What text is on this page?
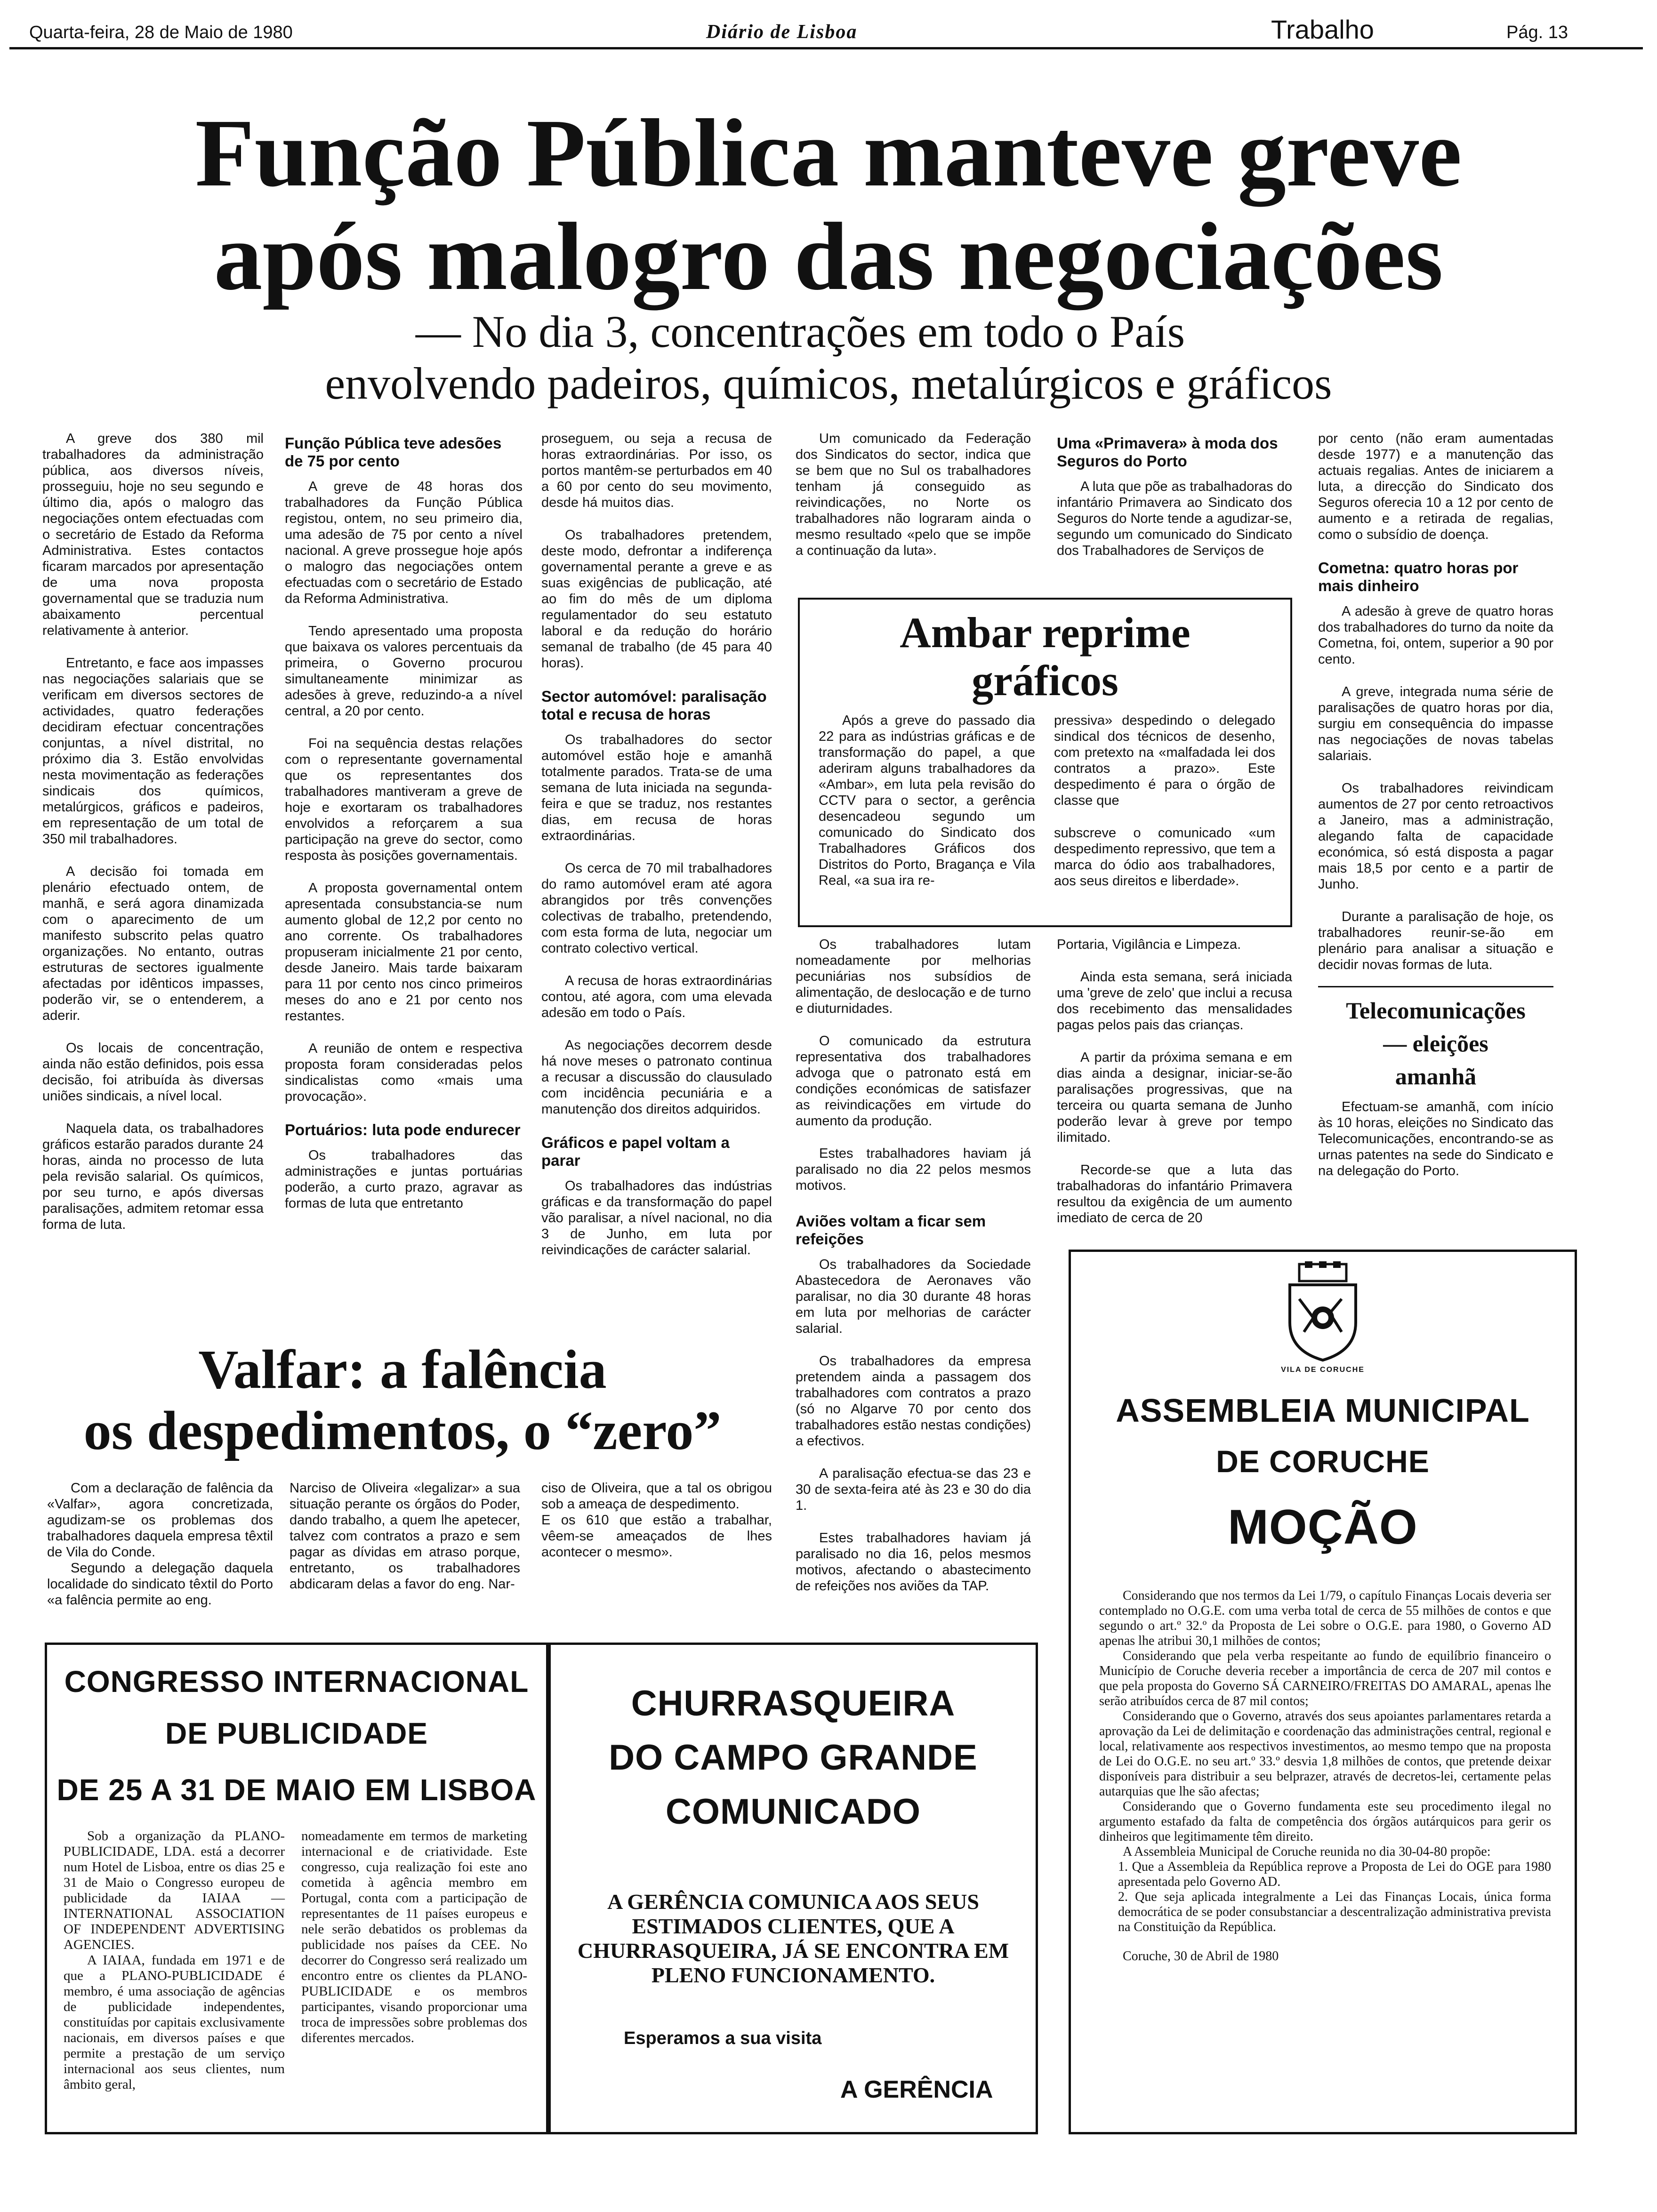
Quarta-feira, 28 de Maio de 1980	Diário de Lisboa	Trabalho	Pág. 13
Função Pública manteve greve
após malogro das negociações
— No dia 3, concentrações em todo o País
envolvendo padeiros, químicos, metalúrgicos e gráficos

A greve dos 380 mil trabalhadores da administração pública, aos diversos níveis, prosseguiu, hoje no seu segundo e último dia, após o malogro das negociações ontem efectuadas com o secretário de Estado da Reforma Administrativa. Estes contactos ficaram marcados por apresentação de uma nova proposta governamental que se traduzia num abaixamento percentual relativamente à anterior.

Entretanto, e face aos impasses nas negociações salariais que se verificam em diversos sectores de actividades, quatro federações decidiram efectuar concentrações conjuntas, a nível distrital, no próximo dia 3. Estão envolvidas nesta movimentação as federações sindicais dos químicos, metalúrgicos, gráficos e padeiros, em representação de um total de 350 mil trabalhadores.

A decisão foi tomada em plenário efectuado ontem, de manhã, e será agora dinamizada com o aparecimento de um manifesto subscrito pelas quatro organizações. No entanto, outras estruturas de sectores igualmente afectadas por idênticos impasses, poderão vir, se o entenderem, a aderir.

Os locais de concentração, ainda não estão definidos, pois essa decisão, foi atribuída às diversas uniões sindicais, a nível local.

Naquela data, os trabalhadores gráficos estarão parados durante 24 horas, ainda no processo de luta pela revisão salarial. Os químicos, por seu turno, e após diversas paralisações, admitem retomar essa forma de luta.

Função Pública teve adesões de 75 por cento

A greve de 48 horas dos trabalhadores da Função Pública registou, ontem, no seu primeiro dia, uma adesão de 75 por cento a nível nacional. A greve prossegue hoje após o malogro das negociações ontem efectuadas com o secretário de Estado da Reforma Administrativa.

Tendo apresentado uma proposta que baixava os valores percentuais da primeira, o Governo procurou simultaneamente minimizar as adesões à greve, reduzindo-a a nível central, a 20 por cento.

Foi na sequência destas relações com o representante governamental que os representantes dos trabalhadores mantiveram a greve de hoje e exortaram os trabalhadores envolvidos a reforçarem a sua participação na greve do sector, como resposta às posições governamentais.

A proposta governamental ontem apresentada consubstancia-se num aumento global de 12,2 por cento no ano corrente. Os trabalhadores propuseram inicialmente 21 por cento, desde Janeiro. Mais tarde baixaram para 11 por cento nos cinco primeiros meses do ano e 21 por cento nos restantes.

A reunião de ontem e respectiva proposta foram consideradas pelos sindicalistas como «mais uma provocação».

Portuários: luta pode endurecer

Os trabalhadores das administrações e juntas portuárias poderão, a curto prazo, agravar as formas de luta que entretanto

proseguem, ou seja a recusa de horas extraordinárias. Por isso, os portos mantêm-se perturbados em 40 a 60 por cento do seu movimento, desde há muitos dias.

Os trabalhadores pretendem, deste modo, defrontar a indiferença governamental perante a greve e as suas exigências de publicação, até ao fim do mês de um diploma regulamentador do seu estatuto laboral e da redução do horário semanal de trabalho (de 45 para 40 horas).

Sector automóvel: paralisação total e recusa de horas

Os trabalhadores do sector automóvel estão hoje e amanhã totalmente parados. Trata-se de uma semana de luta iniciada na segunda-feira e que se traduz, nos restantes dias, em recusa de horas extraordinárias.

Os cerca de 70 mil trabalhadores do ramo automóvel eram até agora abrangidos por três convenções colectivas de trabalho, pretendendo, com esta forma de luta, negociar um contrato colectivo vertical.

A recusa de horas extraordinárias contou, até agora, com uma elevada adesão em todo o País.

As negociações decorrem desde há nove meses o patronato continua a recusar a discussão do clausulado com incidência pecuniária e a manutenção dos direitos adquiridos.

Gráficos e papel voltam a parar

Os trabalhadores das indústrias gráficas e da transformação do papel vão paralisar, a nível nacional, no dia 3 de Junho, em luta por reivindicações de carácter salarial.

Um comunicado da Federação dos Sindicatos do sector, indica que se bem que no Sul os trabalhadores tenham já conseguido as reivindicações, no Norte os trabalhadores não lograram ainda o mesmo resultado «pelo que se impõe a continuação da luta».

Uma «Primavera» à moda dos Seguros do Porto

A luta que põe as trabalhadoras do infantário Primavera ao Sindicato dos Seguros do Norte tende a agudizar-se, segundo um comunicado do Sindicato dos Trabalhadores de Serviços de

Ambar reprime
gráficos

Após a greve do passado dia 22 para as indústrias gráficas e de transformação do papel, a que aderiram alguns trabalhadores da «Ambar», em luta pela revisão do CCTV para o sector, a gerência desencadeou segundo um comunicado do Sindicato dos Trabalhadores Gráficos dos Distritos do Porto, Bragança e Vila Real, «a sua ira re-

pressiva» despedindo o delegado sindical dos técnicos de desenho, com pretexto na «malfadada lei dos contratos a prazo». Este despedimento é para o órgão de classe que

subscreve o comunicado «um despedimento repressivo, que tem a marca do ódio aos trabalhadores, aos seus direitos e liberdade».

Os trabalhadores lutam nomeadamente por melhorias pecuniárias nos subsídios de alimentação, de deslocação e de turno e diuturnidades.

O comunicado da estrutura representativa dos trabalhadores advoga que o patronato está em condições económicas de satisfazer as reivindicações em virtude do aumento da produção.

Estes trabalhadores haviam já paralisado no dia 22 pelos mesmos motivos.

Aviões voltam a ficar sem refeições

Os trabalhadores da Sociedade Abastecedora de Aeronaves vão paralisar, no dia 30 durante 48 horas em luta por melhorias de carácter salarial.

Os trabalhadores da empresa pretendem ainda a passagem dos trabalhadores com contratos a prazo (só no Algarve 70 por cento dos trabalhadores estão nestas condições) a efectivos.

A paralisação efectua-se das 23 e 30 de sexta-feira até às 23 e 30 do dia 1.

Estes trabalhadores haviam já paralisado no dia 16, pelos mesmos motivos, afectando o abastecimento de refeições nos aviões da TAP.

Portaria, Vigilância e Limpeza.

Ainda esta semana, será iniciada uma 'greve de zelo' que inclui a recusa dos recebimento das mensalidades pagas pelos pais das crianças.

A partir da próxima semana e em dias ainda a designar, iniciar-se-ão paralisações progressivas, que na terceira ou quarta semana de Junho poderão levar à greve por tempo ilimitado.

Recorde-se que a luta das trabalhadoras do infantário Primavera resultou da exigência de um aumento imediato de cerca de 20

por cento (não eram aumentadas desde 1977) e a manutenção das actuais regalias. Antes de iniciarem a luta, a direcção do Sindicato dos Seguros oferecia 10 a 12 por cento de aumento e a retirada de regalias, como o subsídio de doença.

Cometna: quatro horas por mais dinheiro

A adesão à greve de quatro horas dos trabalhadores do turno da noite da Cometna, foi, ontem, superior a 90 por cento.

A greve, integrada numa série de paralisações de quatro horas por dia, surgiu em consequência do impasse nas negociações de novas tabelas salariais.

Os trabalhadores reivindicam aumentos de 27 por cento retroactivos a Janeiro, mas a administração, alegando falta de capacidade económica, só está disposta a pagar mais 18,5 por cento e a partir de Junho.

Durante a paralisação de hoje, os trabalhadores reunir-se-ão em plenário para analisar a situação e decidir novas formas de luta.

Telecomunicações
— eleições
amanhã

Efectuam-se amanhã, com início às 10 horas, eleições no Sindicato das Telecomunicações, encontrando-se as urnas patentes na sede do Sindicato e na delegação do Porto.

Valfar: a falência
os despedimentos, o “zero”

Com a declaração de falência da «Valfar», agora concretizada, agudizam-se os problemas dos trabalhadores daquela empresa têxtil de Vila do Conde.

Segundo a delegação daquela localidade do sindicato têxtil do Porto «a falência permite ao eng.

Narciso de Oliveira «legalizar» a sua situação perante os órgãos do Poder, dando trabalho, a quem lhe apetecer, talvez com contratos a prazo e sem pagar as dívidas em atraso porque, entretanto, os trabalhadores abdicaram delas a favor do eng. Nar-

ciso de Oliveira, que a tal os obrigou sob a ameaça de despedimento.
E os 610 que estão a trabalhar, vêem-se ameaçados de lhes acontecer o mesmo».

CONGRESSO INTERNACIONAL
DE PUBLICIDADE
DE 25 A 31 DE MAIO EM LISBOA

Sob a organização da PLANO-PUBLICIDADE, LDA. está a decorrer num Hotel de Lisboa, entre os dias 25 e 31 de Maio o Congresso europeu de publicidade da IAIAA — INTERNATIONAL ASSOCIATION OF INDEPENDENT ADVERTISING AGENCIES.

A IAIAA, fundada em 1971 e de que a PLANO-PUBLICIDADE é membro, é uma associação de agências de publicidade independentes, constituídas por capitais exclusivamente nacionais, em diversos países e que permite a prestação de um serviço internacional aos seus clientes, num âmbito geral,

nomeadamente em termos de marketing internacional e de criatividade. Este congresso, cuja realização foi este ano cometida à agência membro em Portugal, conta com a participação de representantes de 11 países europeus e nele serão debatidos os problemas da publicidade nos países da CEE. No decorrer do Congresso será realizado um encontro entre os clientes da PLANO-PUBLICIDADE e os membros participantes, visando proporcionar uma troca de impressões sobre problemas dos diferentes mercados.

CHURRASQUEIRA
DO CAMPO GRANDE
COMUNICADO
A GERÊNCIA COMUNICA AOS SEUS ESTIMADOS CLIENTES, QUE A CHURRASQUEIRA, JÁ SE ENCONTRA EM PLENO FUNCIONAMENTO.
Esperamos a sua visita
A GERÊNCIA
VILA DE CORUCHE
ASSEMBLEIA MUNICIPAL
DE CORUCHE
MOÇÃO

Considerando que nos termos da Lei 1/79, o capítulo Finanças Locais deveria ser contemplado no O.G.E. com uma verba total de cerca de 55 milhões de contos e que segundo o art.º 32.º da Proposta de Lei sobre o O.G.E. para 1980, o Governo AD apenas lhe atribui 30,1 milhões de contos;

Considerando que pela verba respeitante ao fundo de equilíbrio financeiro o Município de Coruche deveria receber a importância de cerca de 207 mil contos e que pela proposta do Governo SÁ CARNEIRO/FREITAS DO AMARAL, apenas lhe serão atribuídos cerca de 87 mil contos;

Considerando que o Governo, através dos seus apoiantes parlamentares retarda a aprovação da Lei de delimitação e coordenação das administrações central, regional e local, relativamente aos respectivos investimentos, ao mesmo tempo que na proposta de Lei do O.G.E. no seu art.º 33.º desvia 1,8 milhões de contos, que pretende deixar disponíveis para distribuir a seu belprazer, através de decretos-lei, certamente pelas autarquias que lhe são afectas;

Considerando que o Governo fundamenta este seu procedimento ilegal no argumento estafado da falta de competência dos órgãos autárquicos para gerir os dinheiros que legitimamente têm direito.

A Assembleia Municipal de Coruche reunida no dia 30-04-80 propõe:

1. Que a Assembleia da República reprove a Proposta de Lei do OGE para 1980 apresentada pelo Governo AD.

2. Que seja aplicada integralmente a Lei das Finanças Locais, única forma democrática de se poder consubstanciar a descentralização administrativa prevista na Constituição da República.

Coruche, 30 de Abril de 1980
